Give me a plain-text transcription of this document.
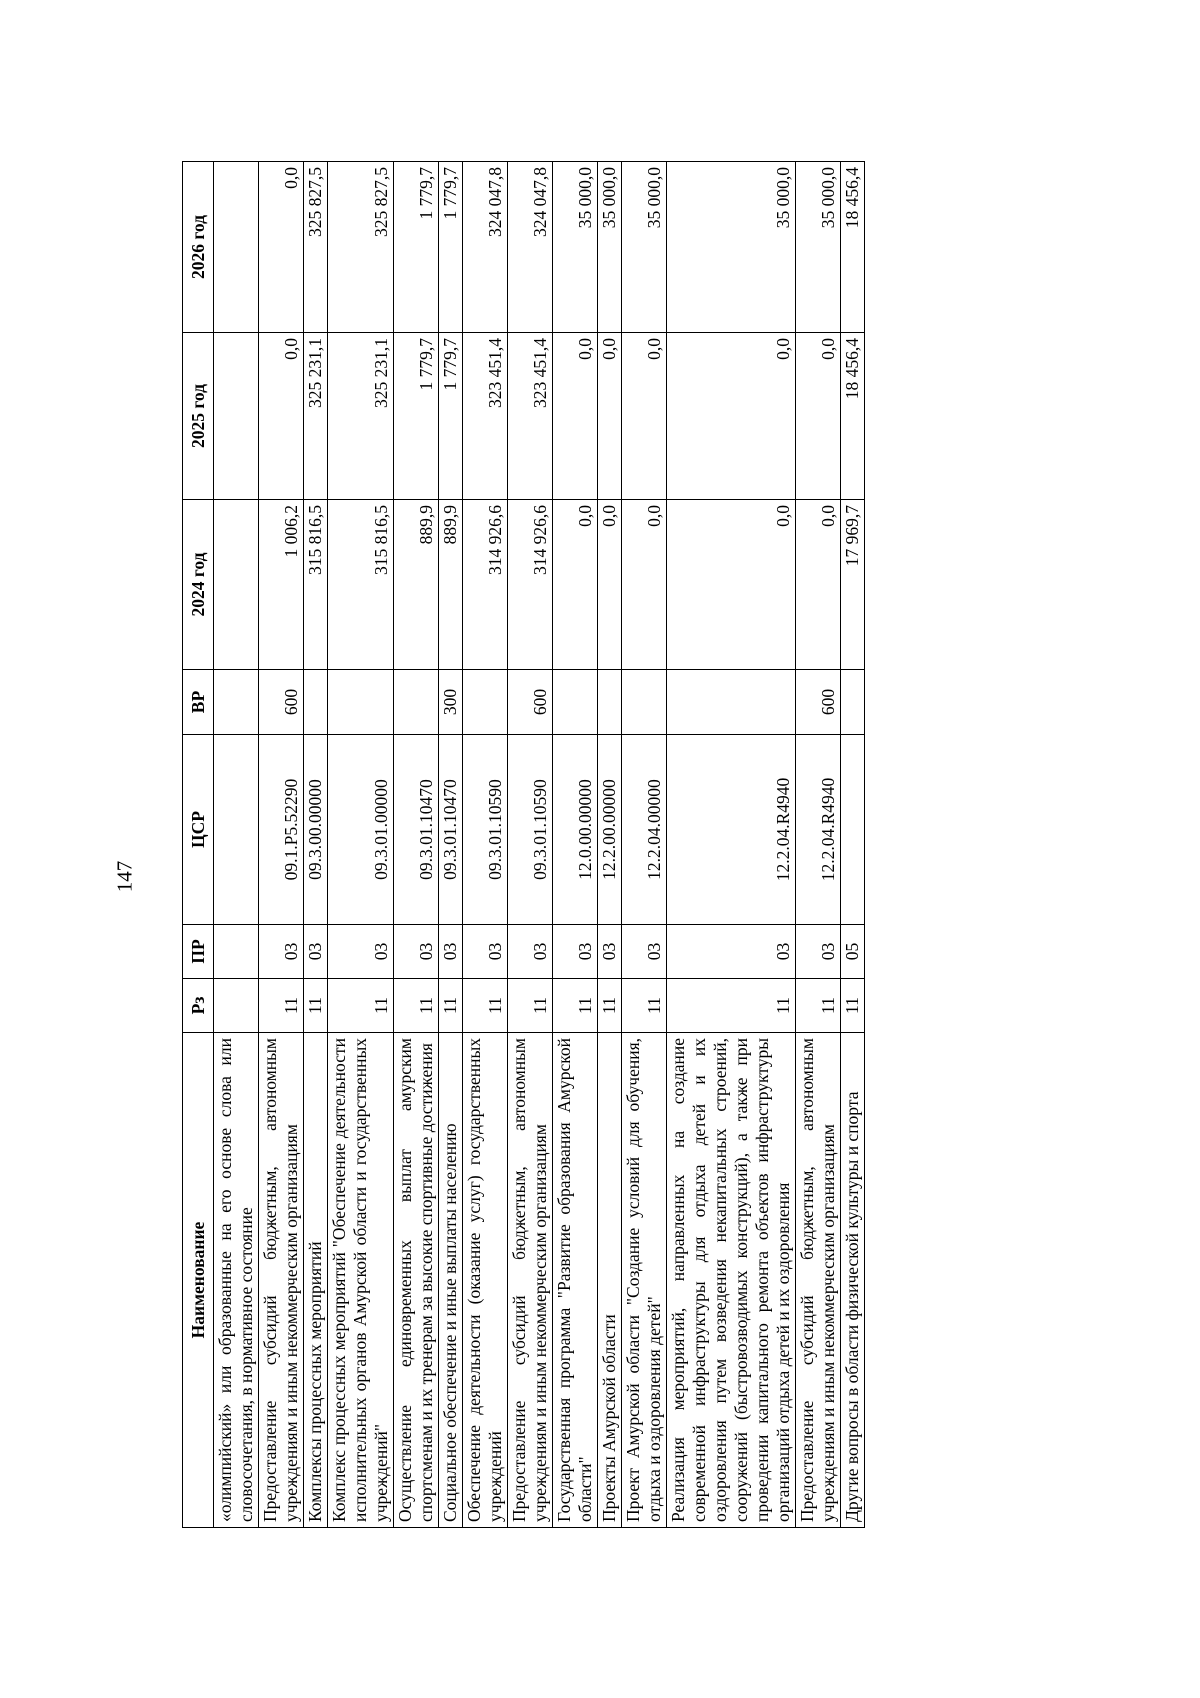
147
Наименование	Рз	ПР	ЦСР	ВР	2024 год	2025 год	2026 год
«олимпийский» или образованные на его основе слова или словосочетания, в нормативное состояние							
Предоставление субсидий бюджетным, автономным учреждениям и иным некоммерческим организациям	11	03	09.1.P5.52290	600	1 006,2	0,0	0,0
Комплексы процессных мероприятий	11	03	09.3.00.00000		315 816,5	325 231,1	325 827,5
Комплекс процессных мероприятий "Обеспечение деятельности исполнительных органов Амурской области и государственных учреждений"	11	03	09.3.01.00000		315 816,5	325 231,1	325 827,5
Осуществление единовременных выплат амурским спортсменам и их тренерам за высокие спортивные достижения	11	03	09.3.01.10470		889,9	1 779,7	1 779,7
Социальное обеспечение и иные выплаты населению	11	03	09.3.01.10470	300	889,9	1 779,7	1 779,7
Обеспечение деятельности (оказание услуг) государственных учреждений	11	03	09.3.01.10590		314 926,6	323 451,4	324 047,8
Предоставление субсидий бюджетным, автономным учреждениям и иным некоммерческим организациям	11	03	09.3.01.10590	600	314 926,6	323 451,4	324 047,8
Государственная программа "Развитие образования Амурской области"	11	03	12.0.00.00000		0,0	0,0	35 000,0
Проекты Амурской области	11	03	12.2.00.00000		0,0	0,0	35 000,0
Проект Амурской области "Создание условий для обучения, отдыха и оздоровления детей"	11	03	12.2.04.00000		0,0	0,0	35 000,0
Реализация мероприятий, направленных на создание современной инфраструктуры для отдыха детей и их оздоровления путем возведения некапитальных строений, сооружений (быстровозводимых конструкций), а также при проведении капитального ремонта объектов инфраструктуры организаций отдыха детей и их оздоровления	11	03	12.2.04.R4940		0,0	0,0	35 000,0
Предоставление субсидий бюджетным, автономным учреждениям и иным некоммерческим организациям	11	03	12.2.04.R4940	600	0,0	0,0	35 000,0
Другие вопросы в области физической культуры и спорта	11	05			17 969,7	18 456,4	18 456,4
